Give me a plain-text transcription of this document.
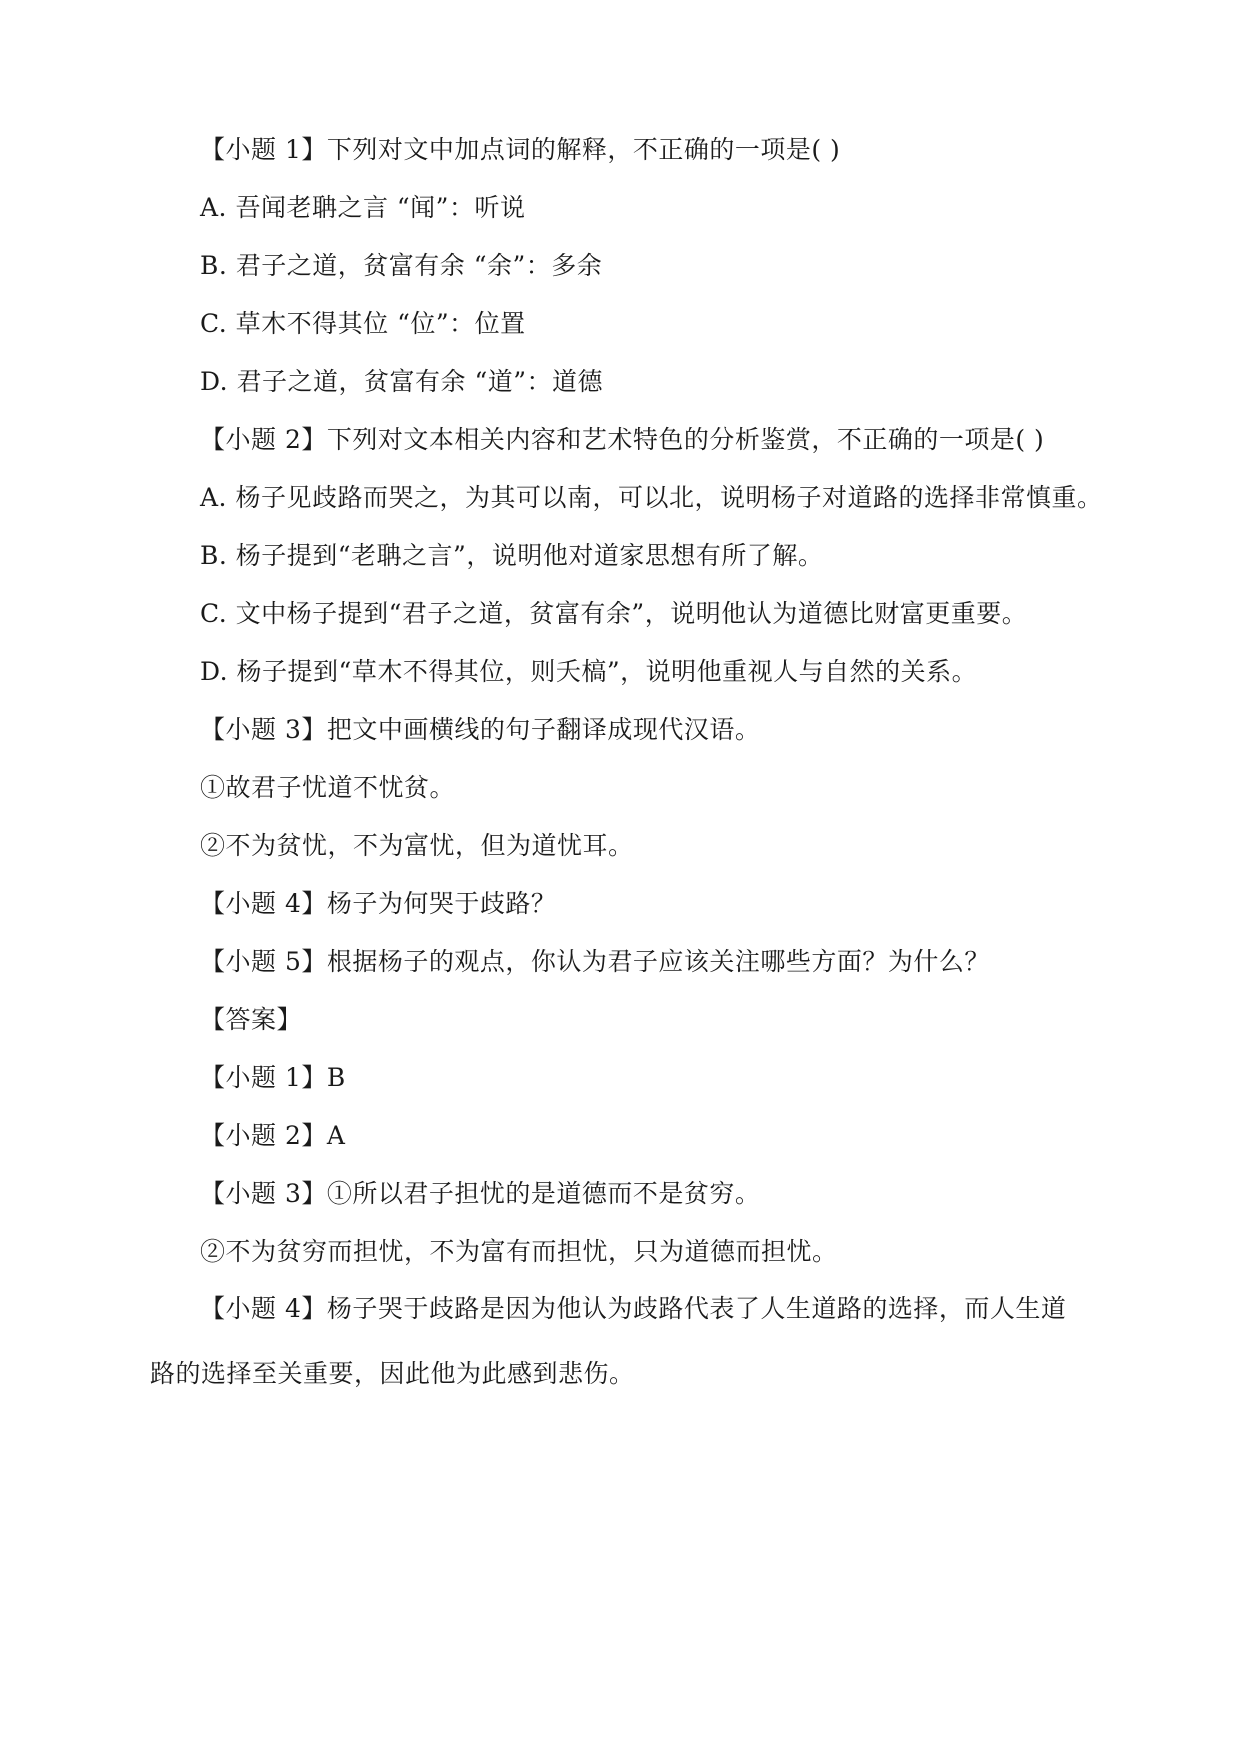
【小题 1】下列对文中加点词的解释，不正确的一项是( )
A. 吾闻老聃之言 “闻”：听说
B. 君子之道，贫富有余 “余”：多余
C. 草木不得其位 “位”：位置
D. 君子之道，贫富有余 “道”：道德
【小题 2】下列对文本相关内容和艺术特色的分析鉴赏，不正确的一项是( )
A. 杨子见歧路而哭之，为其可以南，可以北，说明杨子对道路的选择非常慎重。
B. 杨子提到“老聃之言”，说明他对道家思想有所了解。
C. 文中杨子提到“君子之道，贫富有余”，说明他认为道德比财富更重要。
D. 杨子提到“草木不得其位，则夭槁”，说明他重视人与自然的关系。
【小题 3】把文中画横线的句子翻译成现代汉语。
①故君子忧道不忧贫。
②不为贫忧，不为富忧，但为道忧耳。
【小题 4】杨子为何哭于歧路？
【小题 5】根据杨子的观点，你认为君子应该关注哪些方面？为什么？
【答案】
【小题 1】B
【小题 2】A
【小题 3】①所以君子担忧的是道德而不是贫穷。
②不为贫穷而担忧，不为富有而担忧，只为道德而担忧。
【小题 4】杨子哭于歧路是因为他认为歧路代表了人生道路的选择，而人生道路的选择至关重要，因此他为此感到悲伤。
